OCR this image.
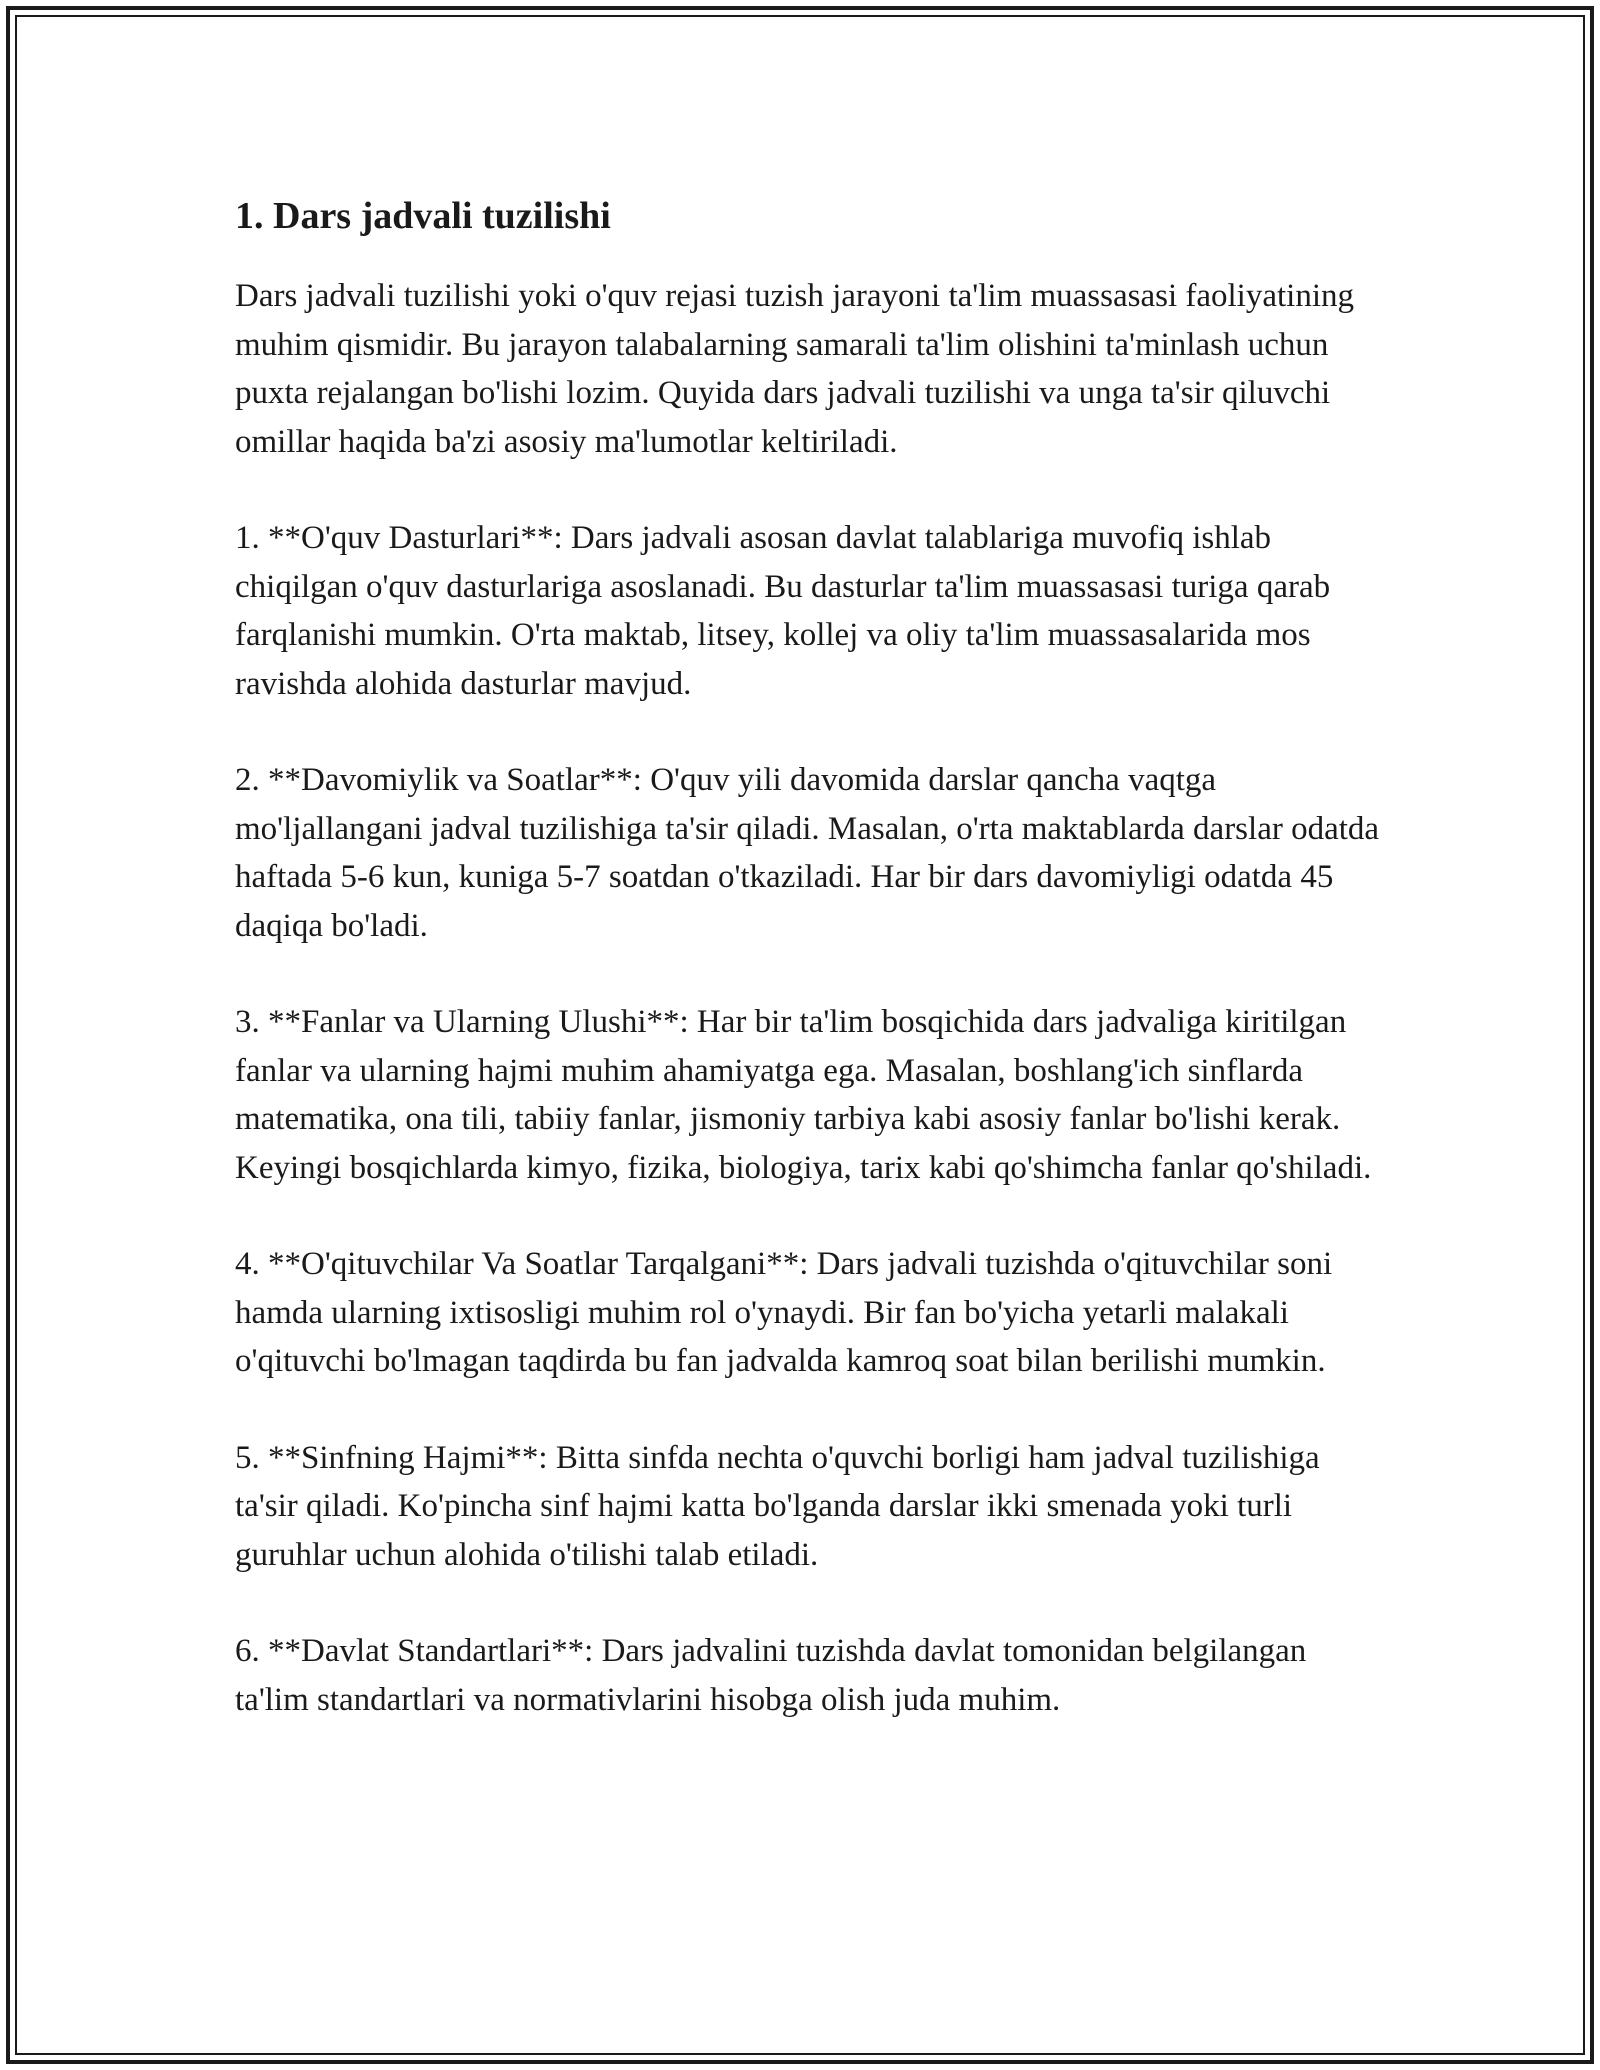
1. Dars jadvali tuzilishi

Dars jadvali tuzilishi yoki o'quv rejasi tuzish jarayoni ta'lim muassasasi faoliyatining muhim qismidir. Bu jarayon talabalarning samarali ta'lim olishini ta'minlash uchun puxta rejalangan bo'lishi lozim. Quyida dars jadvali tuzilishi va unga ta'sir qiluvchi omillar haqida ba'zi asosiy ma'lumotlar keltiriladi.

1. **O'quv Dasturlari**: Dars jadvali asosan davlat talablariga muvofiq ishlab chiqilgan o'quv dasturlariga asoslanadi. Bu dasturlar ta'lim muassasasi turiga qarab farqlanishi mumkin. O'rta maktab, litsey, kollej va oliy ta'lim muassasalarida mos ravishda alohida dasturlar mavjud.

2. **Davomiylik va Soatlar**: O'quv yili davomida darslar qancha vaqtga mo'ljallangani jadval tuzilishiga ta'sir qiladi. Masalan, o'rta maktablarda darslar odatda haftada 5-6 kun, kuniga 5-7 soatdan o'tkaziladi. Har bir dars davomiyligi odatda 45 daqiqa bo'ladi.

3. **Fanlar va Ularning Ulushi**: Har bir ta'lim bosqichida dars jadvaliga kiritilgan fanlar va ularning hajmi muhim ahamiyatga ega. Masalan, boshlang'ich sinflarda matematika, ona tili, tabiiy fanlar, jismoniy tarbiya kabi asosiy fanlar bo'lishi kerak. Keyingi bosqichlarda kimyo, fizika, biologiya, tarix kabi qo'shimcha fanlar qo'shiladi.

4. **O'qituvchilar Va Soatlar Tarqalgani**: Dars jadvali tuzishda o'qituvchilar soni hamda ularning ixtisosligi muhim rol o'ynaydi. Bir fan bo'yicha yetarli malakali o'qituvchi bo'lmagan taqdirda bu fan jadvalda kamroq soat bilan berilishi mumkin.

5. **Sinfning Hajmi**: Bitta sinfda nechta o'quvchi borligi ham jadval tuzilishiga ta'sir qiladi. Ko'pincha sinf hajmi katta bo'lganda darslar ikki smenada yoki turli guruhlar uchun alohida o'tilishi talab etiladi.

6. **Davlat Standartlari**: Dars jadvalini tuzishda davlat tomonidan belgilangan ta'lim standartlari va normativlarini hisobga olish juda muhim.
